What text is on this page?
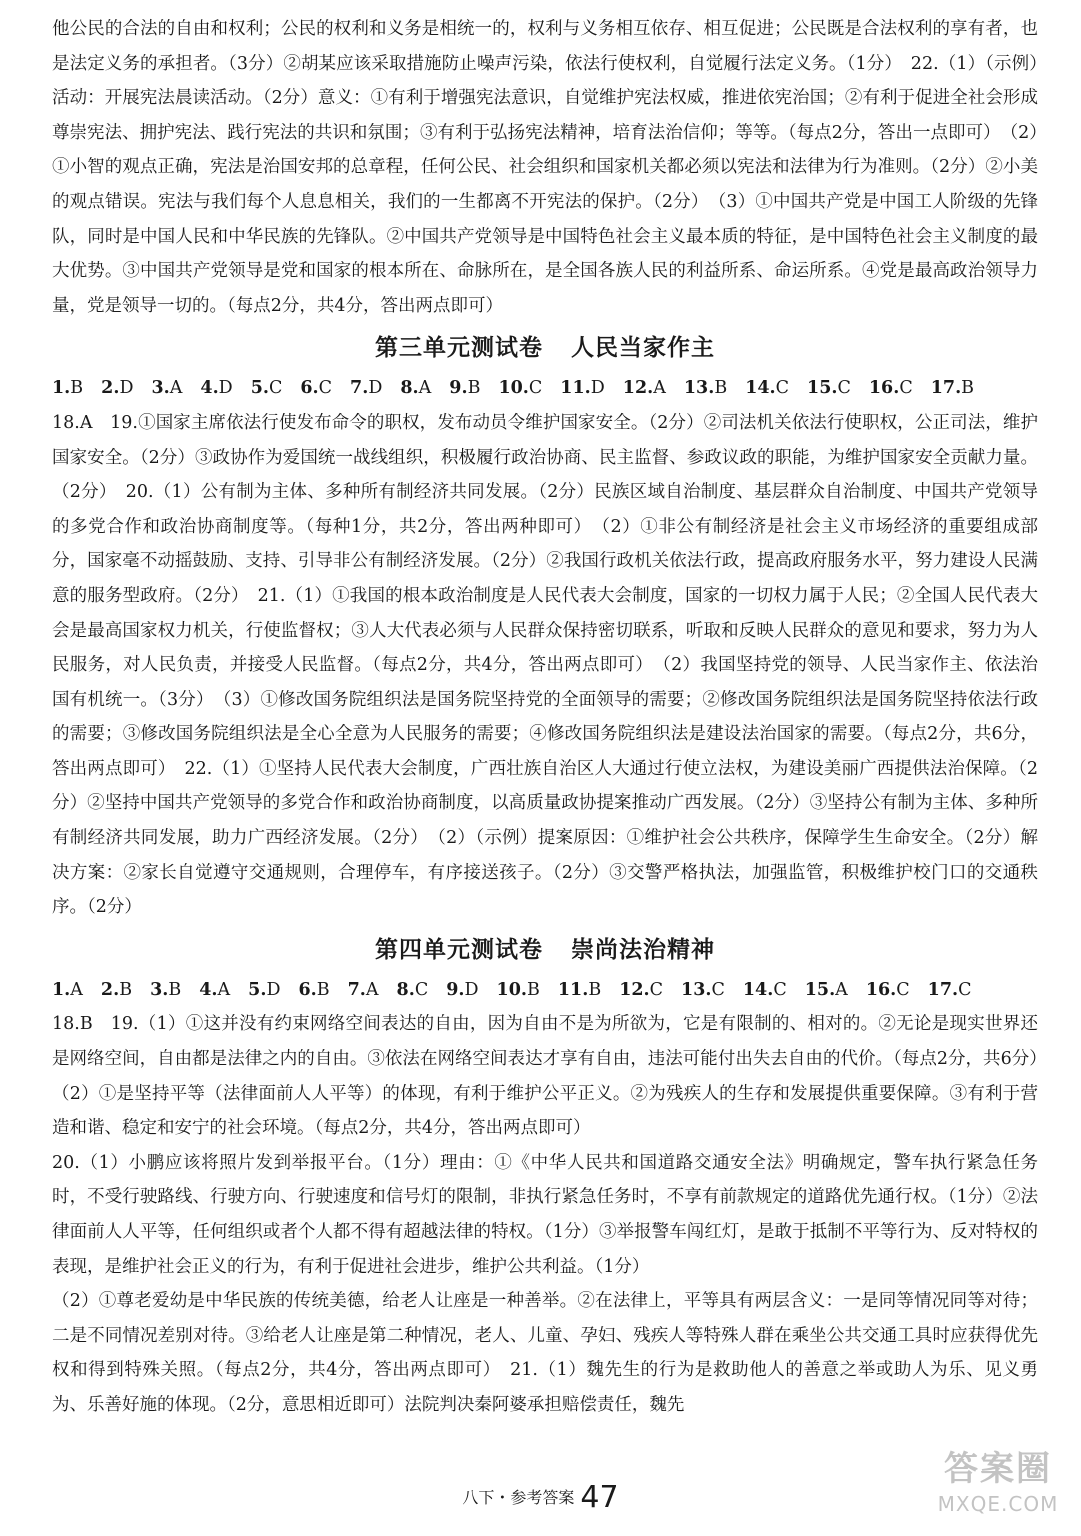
他公民的合法的自由和权利；公民的权利和义务是相统一的，权利与义务相互依存、相互促进；公民既是合法权利的享有者，也是法定义务的承担者。（3分）②胡某应该采取措施防止噪声污染，依法行使权利，自觉履行法定义务。（1分）　22.（1）（示例）活动：开展宪法晨读活动。（2分）意义：①有利于增强宪法意识，自觉维护宪法权威，推进依宪治国；②有利于促进全社会形成尊崇宪法、拥护宪法、践行宪法的共识和氛围；③有利于弘扬宪法精神，培育法治信仰；等等。（每点2分，答出一点即可）　（2）①小智的观点正确，宪法是治国安邦的总章程，任何公民、社会组织和国家机关都必须以宪法和法律为行为准则。（2分）②小美的观点错误。宪法与我们每个人息息相关，我们的一生都离不开宪法的保护。（2分）　（3）①中国共产党是中国工人阶级的先锋队，同时是中国人民和中华民族的先锋队。②中国共产党领导是中国特色社会主义最本质的特征，是中国特色社会主义制度的最大优势。③中国共产党领导是党和国家的根本所在、命脉所在，是全国各族人民的利益所系、命运所系。④党是最高政治领导力量，党是领导一切的。（每点2分，共4分，答出两点即可）

第三单元测试卷 人民当家作主
1.B 2.D 3.A 4.D 5.C 6.C 7.D 8.A 9.B 10.C 11.D 12.A 13.B 14.C 15.C 16.C 17.B

18.A　19.①国家主席依法行使发布命令的职权，发布动员令维护国家安全。（2分）②司法机关依法行使职权，公正司法，维护国家安全。（2分）③政协作为爱国统一战线组织，积极履行政治协商、民主监督、参政议政的职能，为维护国家安全贡献力量。（2分）　20.（1）公有制为主体、多种所有制经济共同发展。（2分）民族区域自治制度、基层群众自治制度、中国共产党领导的多党合作和政治协商制度等。（每种1分，共2分，答出两种即可）　（2）①非公有制经济是社会主义市场经济的重要组成部分，国家毫不动摇鼓励、支持、引导非公有制经济发展。（2分）②我国行政机关依法行政，提高政府服务水平，努力建设人民满意的服务型政府。（2分）　21.（1）①我国的根本政治制度是人民代表大会制度，国家的一切权力属于人民；②全国人民代表大会是最高国家权力机关，行使监督权；③人大代表必须与人民群众保持密切联系，听取和反映人民群众的意见和要求，努力为人民服务，对人民负责，并接受人民监督。（每点2分，共4分，答出两点即可）　（2）我国坚持党的领导、人民当家作主、依法治国有机统一。（3分）　（3）①修改国务院组织法是国务院坚持党的全面领导的需要；②修改国务院组织法是国务院坚持依法行政的需要；③修改国务院组织法是全心全意为人民服务的需要；④修改国务院组织法是建设法治国家的需要。（每点2分，共6分，答出两点即可）　22.（1）①坚持人民代表大会制度，广西壮族自治区人大通过行使立法权，为建设美丽广西提供法治保障。（2分）②坚持中国共产党领导的多党合作和政治协商制度，以高质量政协提案推动广西发展。（2分）③坚持公有制为主体、多种所有制经济共同发展，助力广西经济发展。（2分）　（2）（示例）提案原因：①维护社会公共秩序，保障学生生命安全。（2分）解决方案：②家长自觉遵守交通规则，合理停车，有序接送孩子。（2分）③交警严格执法，加强监管，积极维护校门口的交通秩序。（2分）

第四单元测试卷 崇尚法治精神
1.A 2.B 3.B 4.A 5.D 6.B 7.A 8.C 9.D 10.B 11.B 12.C 13.C 14.C 15.A 16.C 17.C

18.B　19.（1）①这并没有约束网络空间表达的自由，因为自由不是为所欲为，它是有限制的、相对的。②无论是现实世界还是网络空间，自由都是法律之内的自由。③依法在网络空间表达才享有自由，违法可能付出失去自由的代价。（每点2分，共6分）　（2）①是坚持平等（法律面前人人平等）的体现，有利于维护公平正义。②为残疾人的生存和发展提供重要保障。③有利于营造和谐、稳定和安宁的社会环境。（每点2分，共4分，答出两点即可）

20.（1）小鹏应该将照片发到举报平台。（1分）理由：①《中华人民共和国道路交通安全法》明确规定，警车执行紧急任务时，不受行驶路线、行驶方向、行驶速度和信号灯的限制，非执行紧急任务时，不享有前款规定的道路优先通行权。（1分）②法律面前人人平等，任何组织或者个人都不得有超越法律的特权。（1分）③举报警车闯红灯，是敢于抵制不平等行为、反对特权的表现，是维护社会正义的行为，有利于促进社会进步，维护公共利益。（1分）

（2）①尊老爱幼是中华民族的传统美德，给老人让座是一种善举。②在法律上，平等具有两层含义：一是同等情况同等对待；二是不同情况差别对待。③给老人让座是第二种情况，老人、儿童、孕妇、残疾人等特殊人群在乘坐公共交通工具时应获得优先权和得到特殊关照。（每点2分，共4分，答出两点即可）　21.（1）魏先生的行为是救助他人的善意之举或助人为乐、见义勇为、乐善好施的体现。（2分，意思相近即可）法院判决秦阿婆承担赔偿责任，魏先

八下・参考答案 47
答案圈
MXQE.COM
